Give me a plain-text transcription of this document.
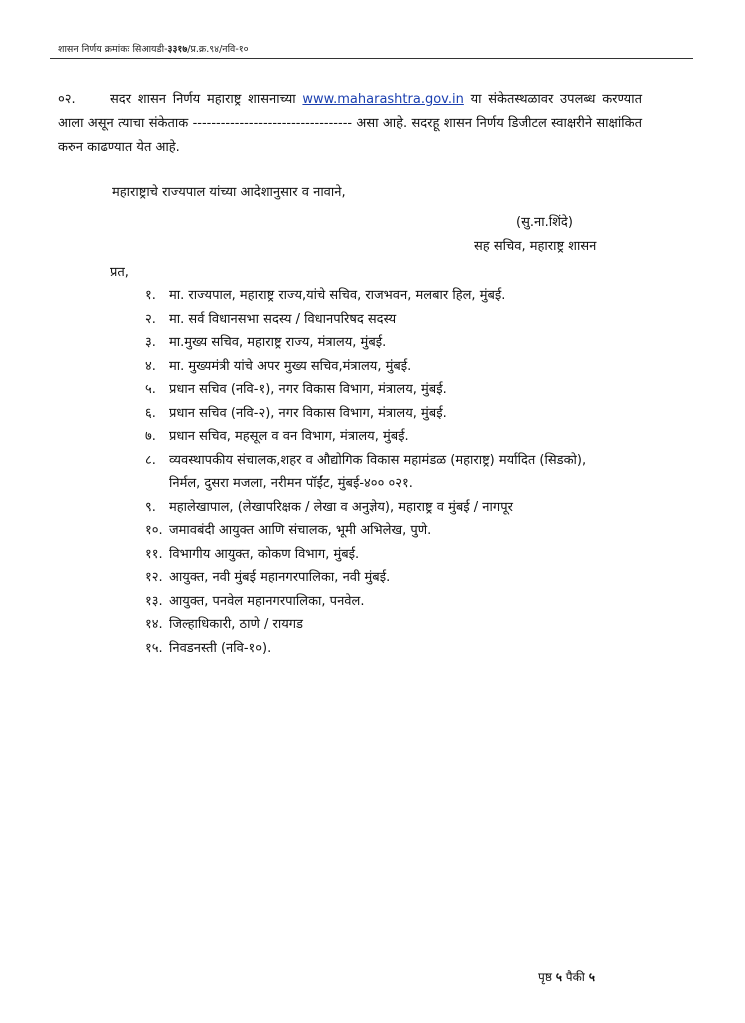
शासन निर्णय क्रमांकः सिआयडी-३३१७/प्र.क्र.९४/नवि-१०
०२.	सदर शासन निर्णय महाराष्ट्र शासनाच्या www.maharashtra.gov.in या संकेतस्थळावर उपलब्ध करण्यात आला असून त्याचा संकेताक ---------------------------------- असा आहे. सदरहू शासन निर्णय डिजीटल स्वाक्षरीने साक्षांकित करुन काढण्यात येत आहे.
महाराष्ट्राचे राज्यपाल यांच्या आदेशानुसार व नावाने,
(सु.ना.शिंदे)
सह सचिव, महाराष्ट्र शासन
प्रत,
१. मा. राज्यपाल, महाराष्ट्र राज्य,यांचे सचिव, राजभवन, मलबार हिल, मुंबई.
२. मा. सर्व विधानसभा सदस्य / विधानपरिषद सदस्य
३. मा.मुख्य सचिव, महाराष्ट्र राज्य, मंत्रालय, मुंबई.
४. मा. मुख्यमंत्री यांचे अपर मुख्य सचिव,मंत्रालय, मुंबई.
५. प्रधान सचिव (नवि-१), नगर विकास विभाग, मंत्रालय, मुंबई.
६. प्रधान सचिव (नवि-२), नगर विकास विभाग, मंत्रालय, मुंबई.
७. प्रधान सचिव, महसूल व वन विभाग, मंत्रालय, मुंबई.
८. व्यवस्थापकीय संचालक,शहर व औद्योगिक विकास महामंडळ (महाराष्ट्र) मर्यादित (सिडको),
निर्मल, दुसरा मजला, नरीमन पॉईंट, मुंबई-४०० ०२१.
९. महालेखापाल, (लेखापरिक्षक / लेखा व अनुज्ञेय), महाराष्ट्र व मुंबई / नागपूर
१०. जमावबंदी आयुक्त आणि संचालक, भूमी अभिलेख, पुणे.
११. विभागीय आयुक्त, कोकण विभाग, मुंबई.
१२. आयुक्त, नवी मुंबई महानगरपालिका, नवी मुंबई.
१३. आयुक्त, पनवेल महानगरपालिका, पनवेल.
१४. जिल्हाधिकारी, ठाणे / रायगड
१५. निवडनस्ती (नवि-१०).
पृष्ठ ५ पैकी ५
